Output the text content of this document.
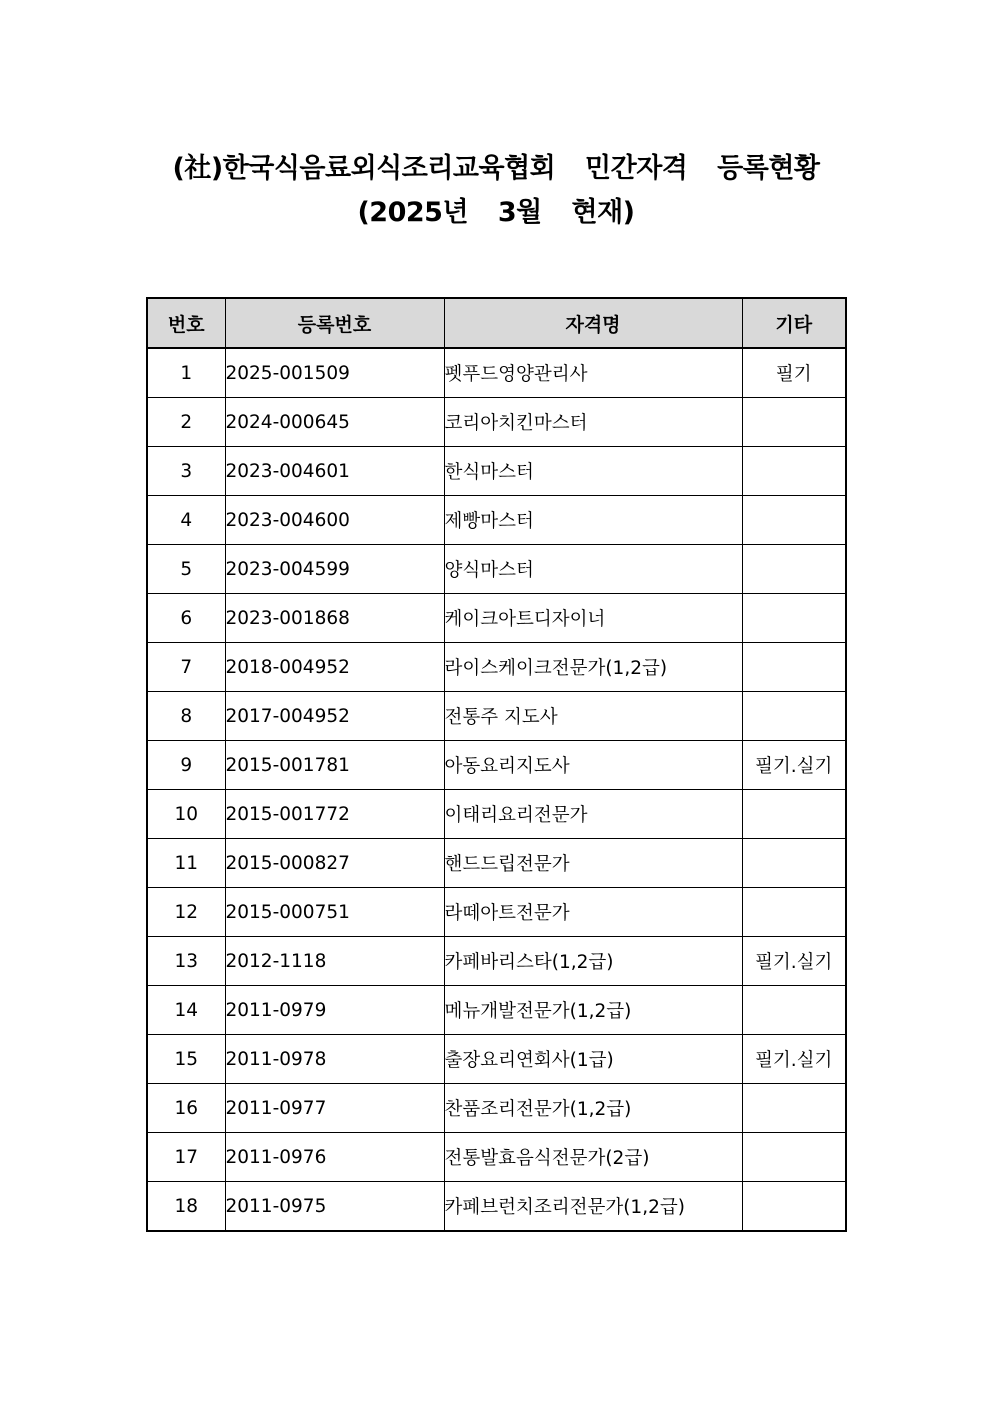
(社)한국식음료외식조리교육협회  민간자격  등록현황
(2025년  3월  현재)
번호	등록번호	자격명	기타
1	2025-001509	펫푸드영양관리사	필기
2	2024-000645	코리아치킨마스터	
3	2023-004601	한식마스터	
4	2023-004600	제빵마스터	
5	2023-004599	양식마스터	
6	2023-001868	케이크아트디자이너	
7	2018-004952	라이스케이크전문가(1,2급)	
8	2017-004952	전통주 지도사	
9	2015-001781	아동요리지도사	필기.실기
10	2015-001772	이태리요리전문가	
11	2015-000827	핸드드립전문가	
12	2015-000751	라떼아트전문가	
13	2012-1118	카페바리스타(1,2급)	필기.실기
14	2011-0979	메뉴개발전문가(1,2급)	
15	2011-0978	출장요리연회사(1급)	필기.실기
16	2011-0977	찬품조리전문가(1,2급)	
17	2011-0976	전통발효음식전문가(2급)	
18	2011-0975	카페브런치조리전문가(1,2급)	
